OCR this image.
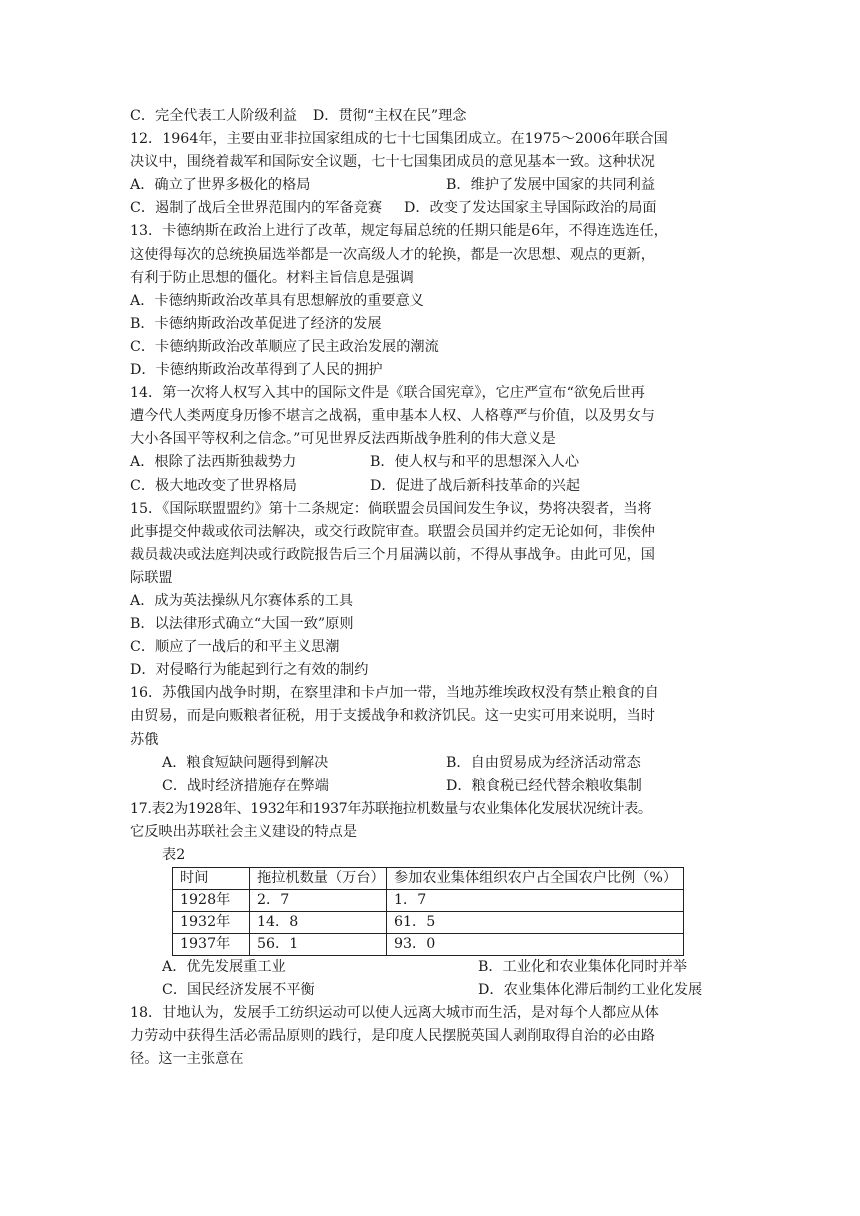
C．完全代表工人阶级利益 D．贯彻“主权在民”理念
12．1964年，主要由亚非拉国家组成的七十七国集团成立。在1975～2006年联合国
决议中，围绕着裁军和国际安全议题，七十七国集团成员的意见基本一致。这种状况
A．确立了世界多极化的格局	B．维护了发展中国家的共同利益
C．遏制了战后全世界范围内的军备竞赛 D．改变了发达国家主导国际政治的局面
13．卡德纳斯在政治上进行了改革，规定每届总统的任期只能是6年，不得连选连任，
这使得每次的总统换届选举都是一次高级人才的轮换，都是一次思想、观点的更新，
有利于防止思想的僵化。材料主旨信息是强调
A．卡德纳斯政治改革具有思想解放的重要意义
B．卡德纳斯政治改革促进了经济的发展
C．卡德纳斯政治改革顺应了民主政治发展的潮流
D．卡德纳斯政治改革得到了人民的拥护
14．第一次将人权写入其中的国际文件是《联合国宪章》，它庄严宣布“欲免后世再
遭今代人类两度身历惨不堪言之战祸，重申基本人权、人格尊严与价值，以及男女与
大小各国平等权利之信念。”可见世界反法西斯战争胜利的伟大意义是
A．根除了法西斯独裁势力	B．使人权与和平的思想深入人心
C．极大地改变了世界格局	D．促进了战后新科技革命的兴起
15．《国际联盟盟约》第十二条规定：倘联盟会员国间发生争议，势将决裂者，当将
此事提交仲裁或依司法解决，或交行政院审查。联盟会员国并约定无论如何，非俟仲
裁员裁决或法庭判决或行政院报告后三个月届满以前，不得从事战争。由此可见，国
际联盟
A．成为英法操纵凡尔赛体系的工具
B．以法律形式确立“大国一致”原则
C．顺应了一战后的和平主义思潮
D．对侵略行为能起到行之有效的制约
16．苏俄国内战争时期，在察里津和卡卢加一带，当地苏维埃政权没有禁止粮食的自
由贸易，而是向贩粮者征税，用于支援战争和救济饥民。这一史实可用来说明，当时
苏俄
A．粮食短缺问题得到解决	B．自由贸易成为经济活动常态
C．战时经济措施存在弊端	D．粮食税已经代替余粮收集制
17.表2为1928年、1932年和1937年苏联拖拉机数量与农业集体化发展状况统计表。
它反映出苏联社会主义建设的特点是
表2
时间	拖拉机数量（万台）	参加农业集体组织农户占全国农户比例（%）
1928年	2．7	1．7
1932年	14．8	61．5
1937年	56．1	93．0
A．优先发展重工业	B．工业化和农业集体化同时并举
C．国民经济发展不平衡	D．农业集体化滞后制约工业化发展
18．甘地认为，发展手工纺织运动可以使人远离大城市而生活，是对每个人都应从体
力劳动中获得生活必需品原则的践行，是印度人民摆脱英国人剥削取得自治的必由路
径。这一主张意在
